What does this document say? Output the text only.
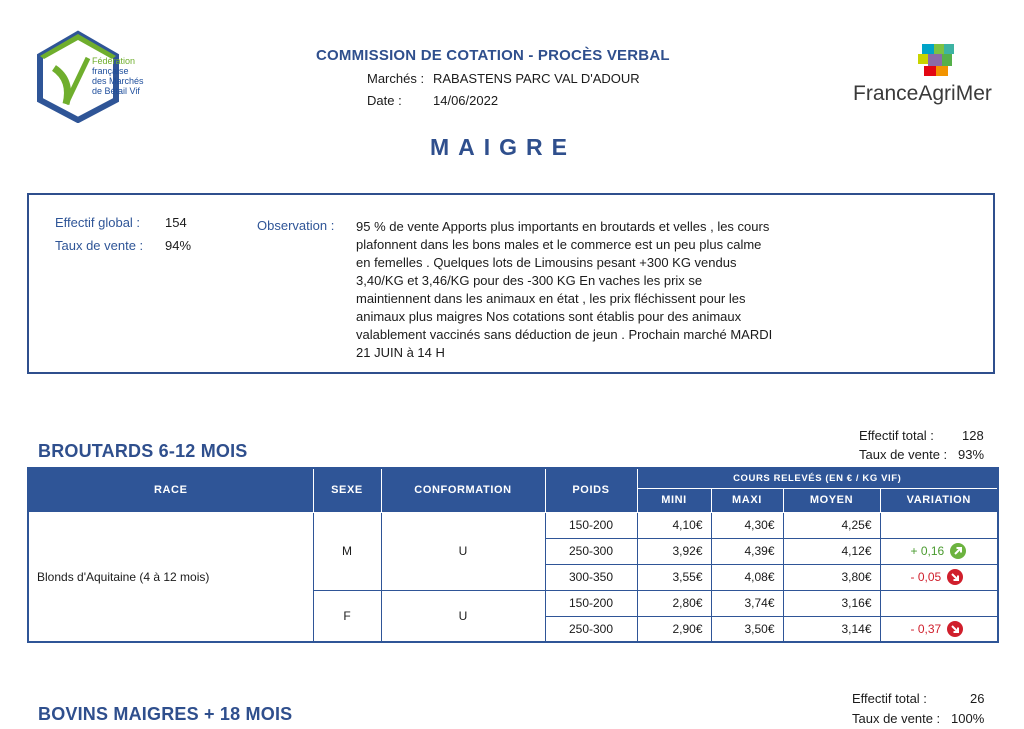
Fédération
française
des Marchés
de Bétail Vif	FranceAgriMer
COMMISSION DE COTATION - PROCÈS VERBAL
Marchés : RABASTENS PARC VAL D'ADOUR
Date : 14/06/2022
MAIGRE
Effectif global : 154
Taux de vente : 94%
Observation : 95 % de vente Apports plus importants en broutards et velles , les cours plafonnent dans les bons males et le commerce est un peu plus calme en femelles . Quelques lots de Limousins pesant +300 KG vendus 3,40/KG et 3,46/KG pour des -300 KG En vaches les prix se maintiennent dans les animaux en état , les prix fléchissent pour les animaux plus maigres Nos cotations sont établis pour des animaux valablement vaccinés sans déduction de jeun . Prochain marché MARDI 21 JUIN à 14 H
BROUTARDS 6-12 MOIS
Effectif total : 128
Taux de vente : 93%
RACE	SEXE	CONFORMATION	POIDS	COURS RELEVÉS (EN € / KG VIF)			
				MINI	MAXI	MOYEN	VARIATION
Blonds d'Aquitaine (4 à 12 mois)	M	U	150-200	4,10€	4,30€	4,25€	
			250-300	3,92€	4,39€	4,12€	+ 0,16

			300-350	3,55€	4,08€	3,80€	- 0,05

	F	U	150-200	2,80€	3,74€	3,16€	
			250-300	2,90€	3,50€	3,14€	- 0,37
BOVINS MAIGRES + 18 MOIS
Effectif total :	26
Taux de vente : 100%
